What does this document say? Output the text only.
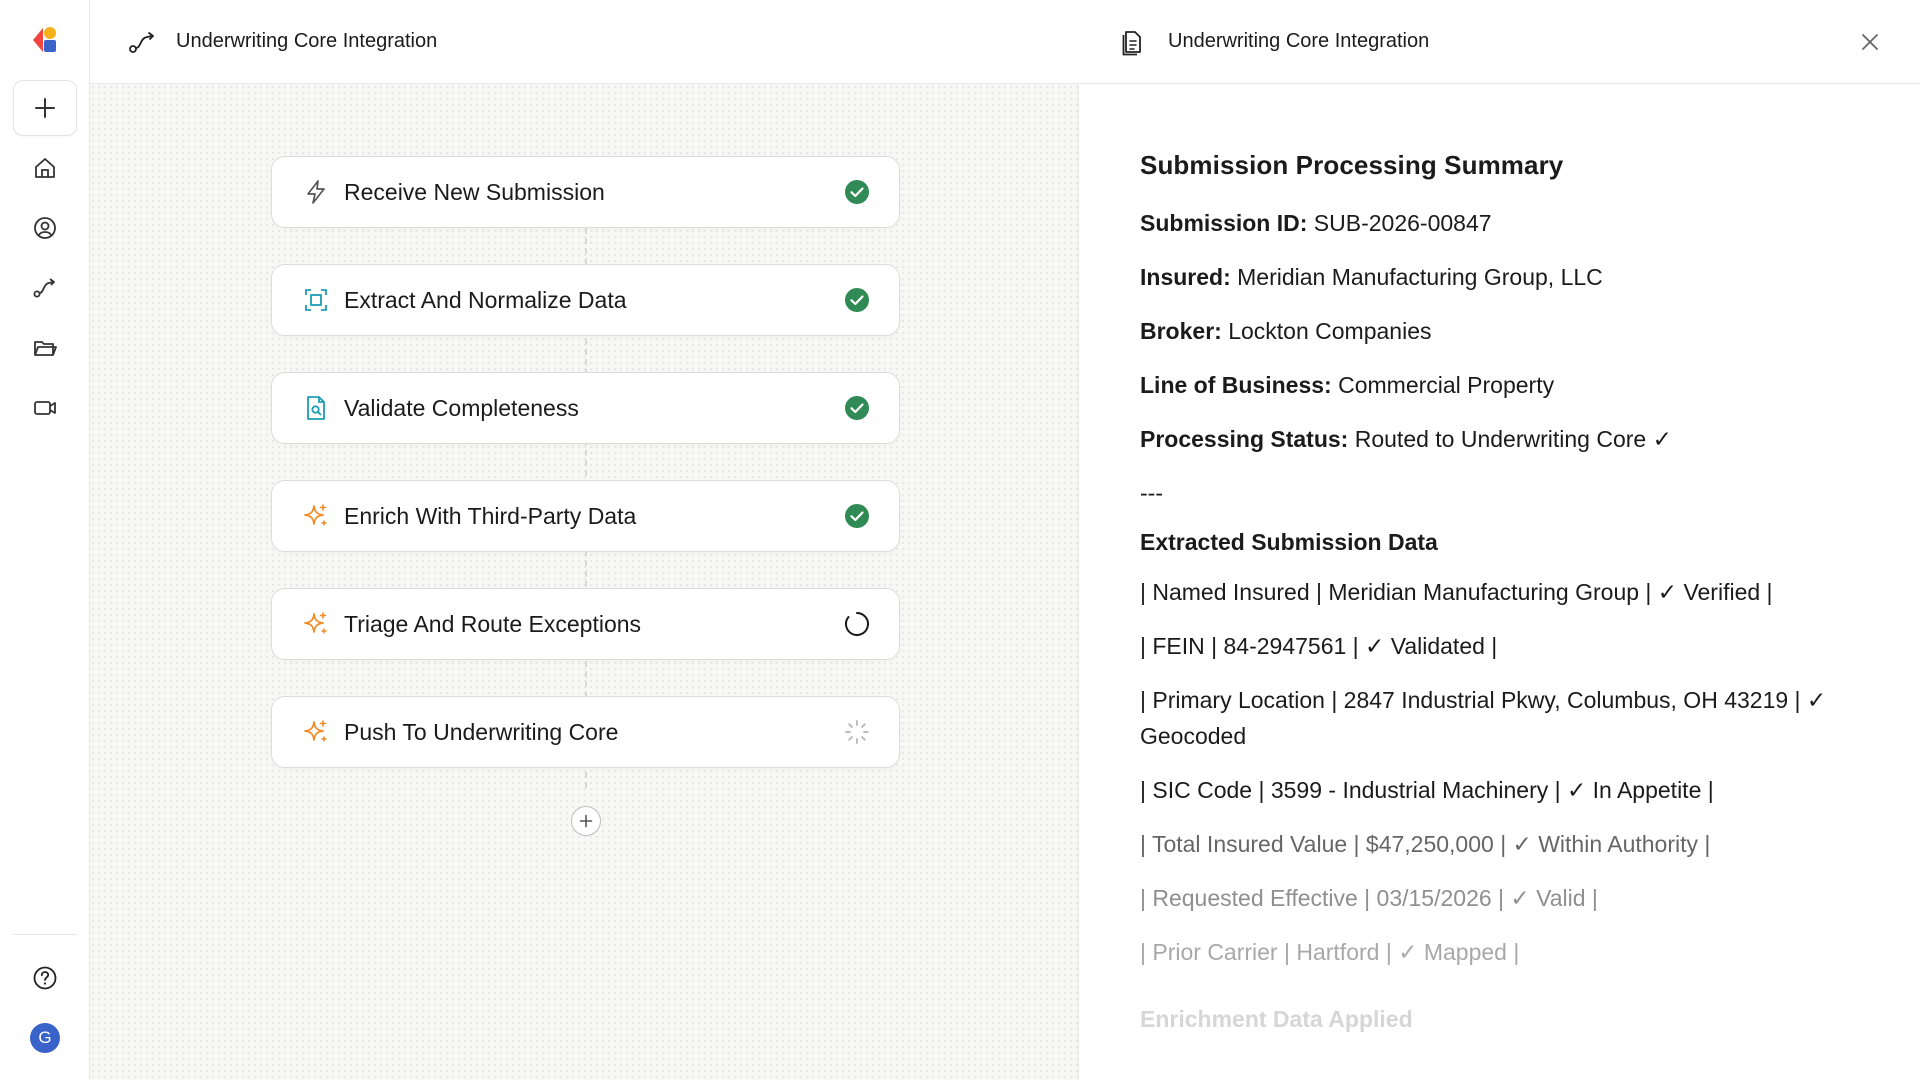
G
Underwriting Core Integration
Receive New Submission
Extract And Normalize Data
Validate Completeness
Enrich With Third-Party Data
Triage And Route Exceptions
Push To Underwriting Core
Underwriting Core Integration
Submission Processing Summary
Submission ID: SUB-2026-00847
Insured: Meridian Manufacturing Group, LLC
Broker: Lockton Companies
Line of Business: Commercial Property
Processing Status: Routed to Underwriting Core ✓
---
Extracted Submission Data
| Named Insured | Meridian Manufacturing Group | ✓ Verified |
| FEIN | 84-2947561 | ✓ Validated |
| Primary Location | 2847 Industrial Pkwy, Columbus, OH 43219 | ✓ Geocoded
| SIC Code | 3599 - Industrial Machinery | ✓ In Appetite |
| Total Insured Value | $47,250,000 | ✓ Within Authority |
| Requested Effective | 03/15/2026 | ✓ Valid |
| Prior Carrier | Hartford | ✓ Mapped |
Enrichment Data Applied
